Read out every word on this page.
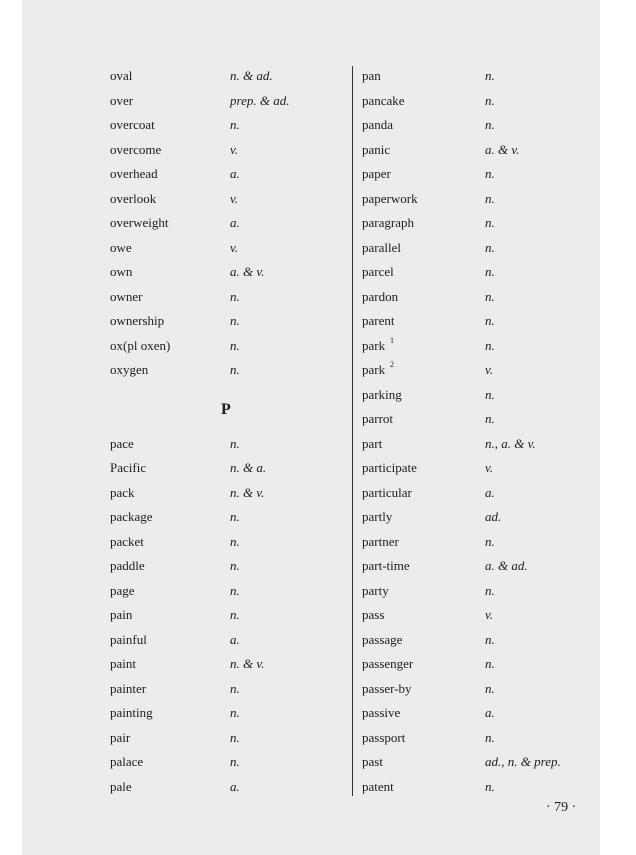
oval	n. & ad.
over	prep. & ad.
overcoat	n.
overcome	v.
overhead	a.
overlook	v.
overweight	a.
owe	v.
own	a. & v.
owner	n.
ownership	n.
ox(pl oxen)	n.
oxygen	n.
P
pace	n.
Pacific	n. & a.
pack	n. & v.
package	n.
packet	n.
paddle	n.
page	n.
pain	n.
painful	a.
paint	n. & v.
painter	n.
painting	n.
pair	n.
palace	n.
pale	a.
pan	n.
pancake	n.
panda	n.
panic	a. & v.
paper	n.
paperwork	n.
paragraph	n.
parallel	n.
parcel	n.
pardon	n.
parent	n.
park 1	n.
park 2	v.
parking	n.
parrot	n.
part	n., a. & v.
participate	v.
particular	a.
partly	ad.
partner	n.
part-time	a. & ad.
party	n.
pass	v.
passage	n.
passenger	n.
passer-by	n.
passive	a.
passport	n.
past	ad., n. & prep.
patent	n.
· 79 ·
